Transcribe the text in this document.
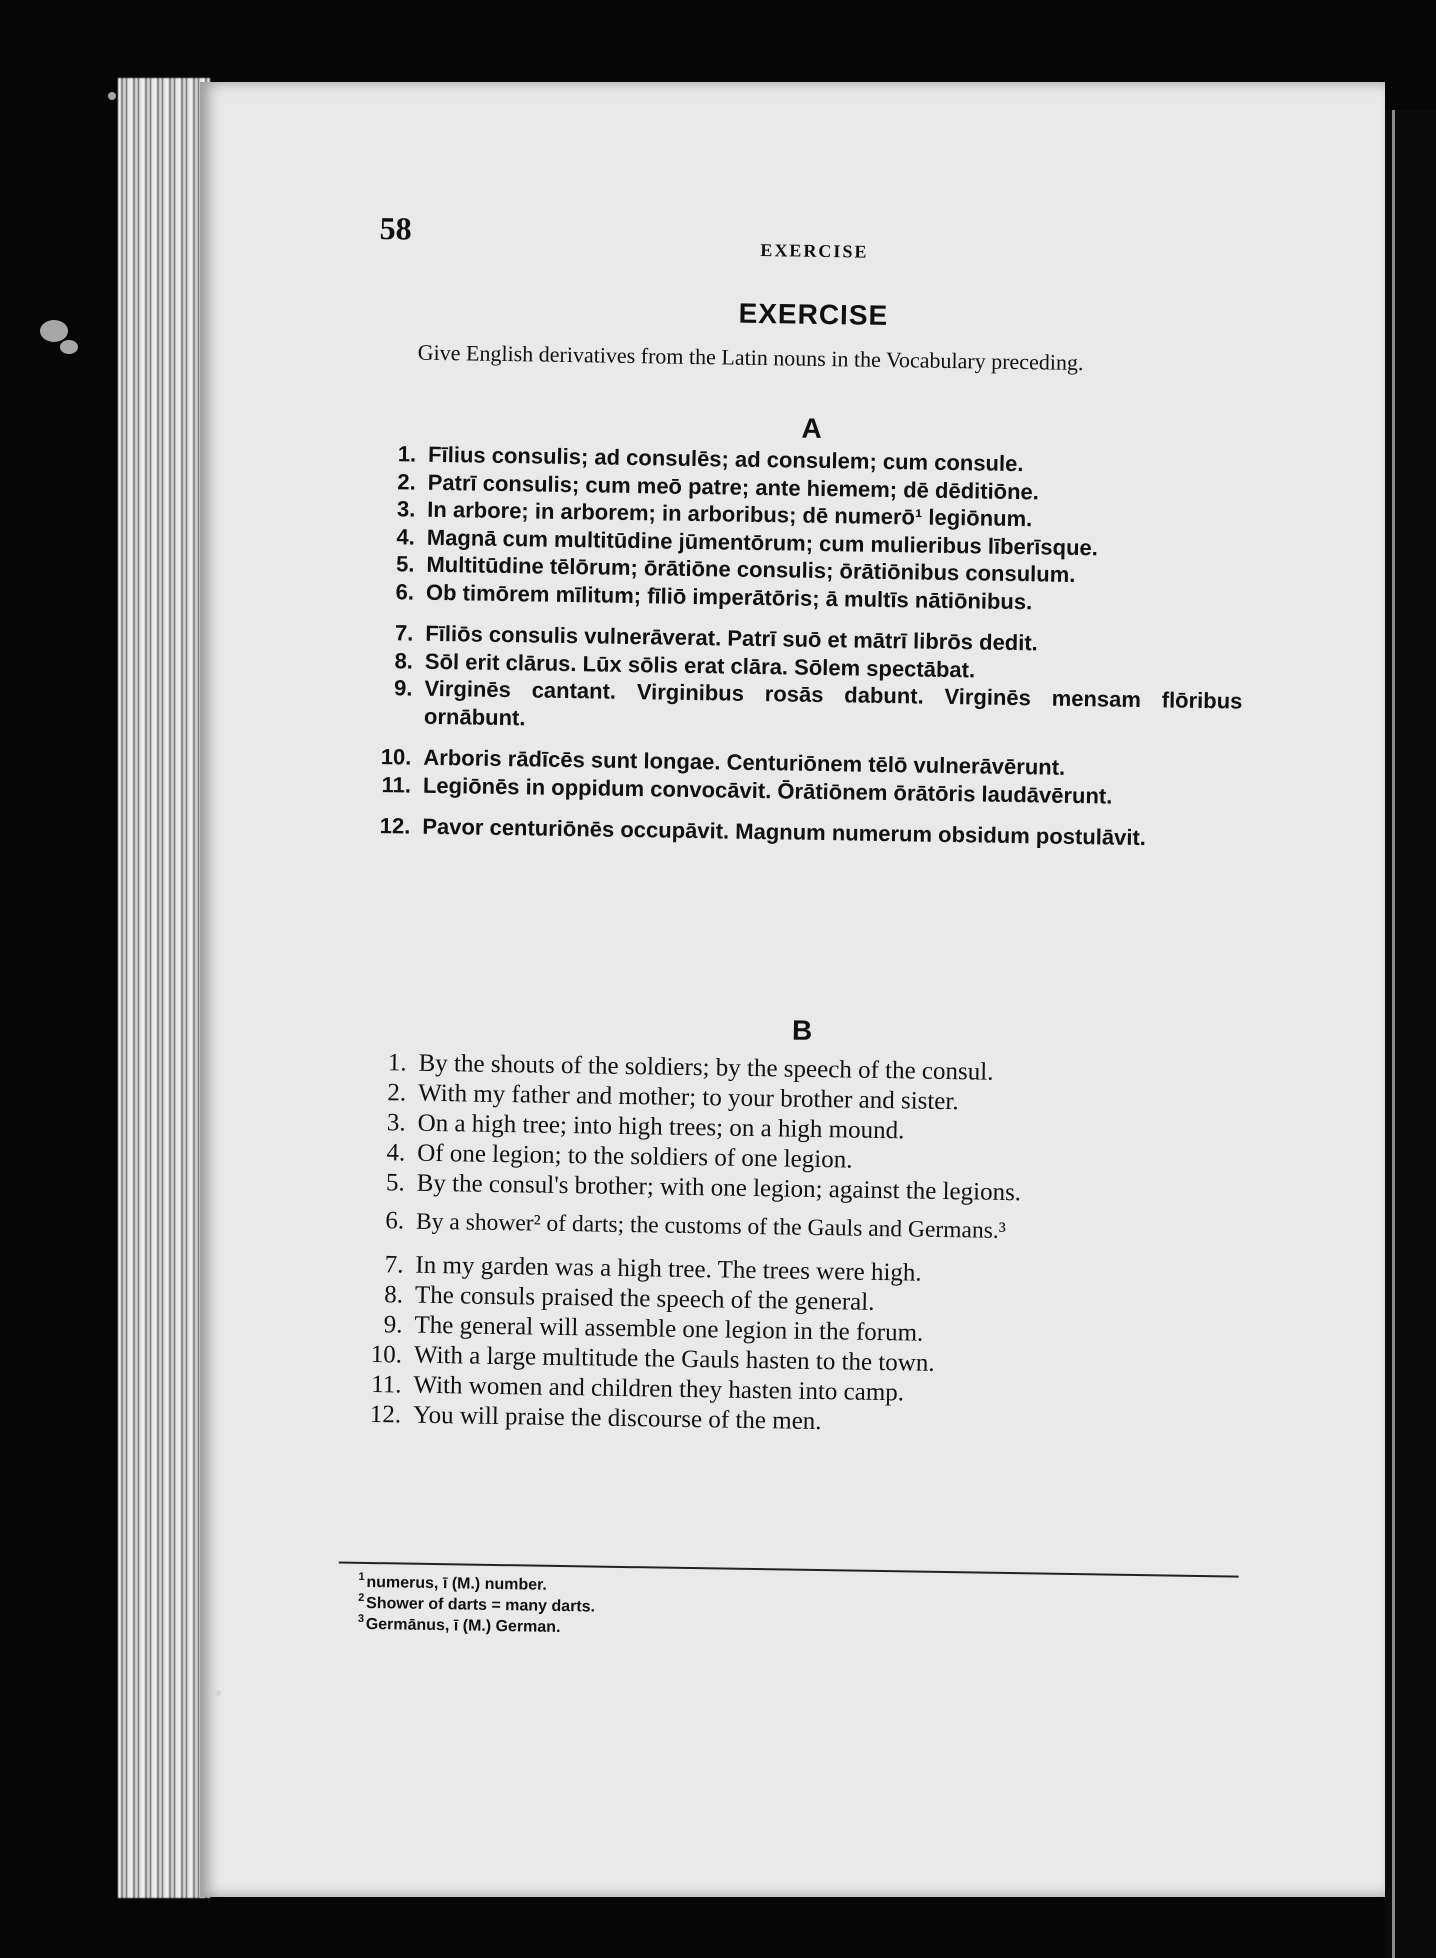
58
EXERCISE
EXERCISE
Give English derivatives from the Latin nouns in the Vocabulary preceding.
A
1. Fīlius consulis; ad consulēs; ad consulem; cum consule.
2. Patrī consulis; cum meō patre; ante hiemem; dē dēditiōne.
3. In arbore; in arborem; in arboribus; dē numerō¹ legiōnum.
4. Magnā cum multitūdine jūmentōrum; cum mulieribus līberīsque.
5. Multitūdine tēlōrum; ōrātiōne consulis; ōrātiōnibus consulum.
6. Ob timōrem mīlitum; fīliō imperātōris; ā multīs nātiōnibus.
7. Fīliōs consulis vulnerāverat. Patrī suō et mātrī librōs dedit.
8. Sōl erit clārus. Lūx sōlis erat clāra. Sōlem spectābat.
9. Virginēs cantant. Virginibus rosās dabunt. Virginēs mensam flōribus ornābunt.
10. Arboris rādīcēs sunt longae. Centuriōnem tēlō vulnerāvērunt.
11. Legiōnēs in oppidum convocāvit. Ōrātiōnem ōrātōris laudāvērunt.
12. Pavor centuriōnēs occupāvit. Magnum numerum obsidum postulāvit.
B
1. By the shouts of the soldiers; by the speech of the consul.
2. With my father and mother; to your brother and sister.
3. On a high tree; into high trees; on a high mound.
4. Of one legion; to the soldiers of one legion.
5. By the consul's brother; with one legion; against the legions.
6. By a shower² of darts; the customs of the Gauls and Germans.³
7. In my garden was a high tree. The trees were high.
8. The consuls praised the speech of the general.
9. The general will assemble one legion in the forum.
10. With a large multitude the Gauls hasten to the town.
11. With women and children they hasten into camp.
12. You will praise the discourse of the men.
1 numerus, ī (M.) number.
2 Shower of darts = many darts.
3 Germānus, ī (M.) German.
